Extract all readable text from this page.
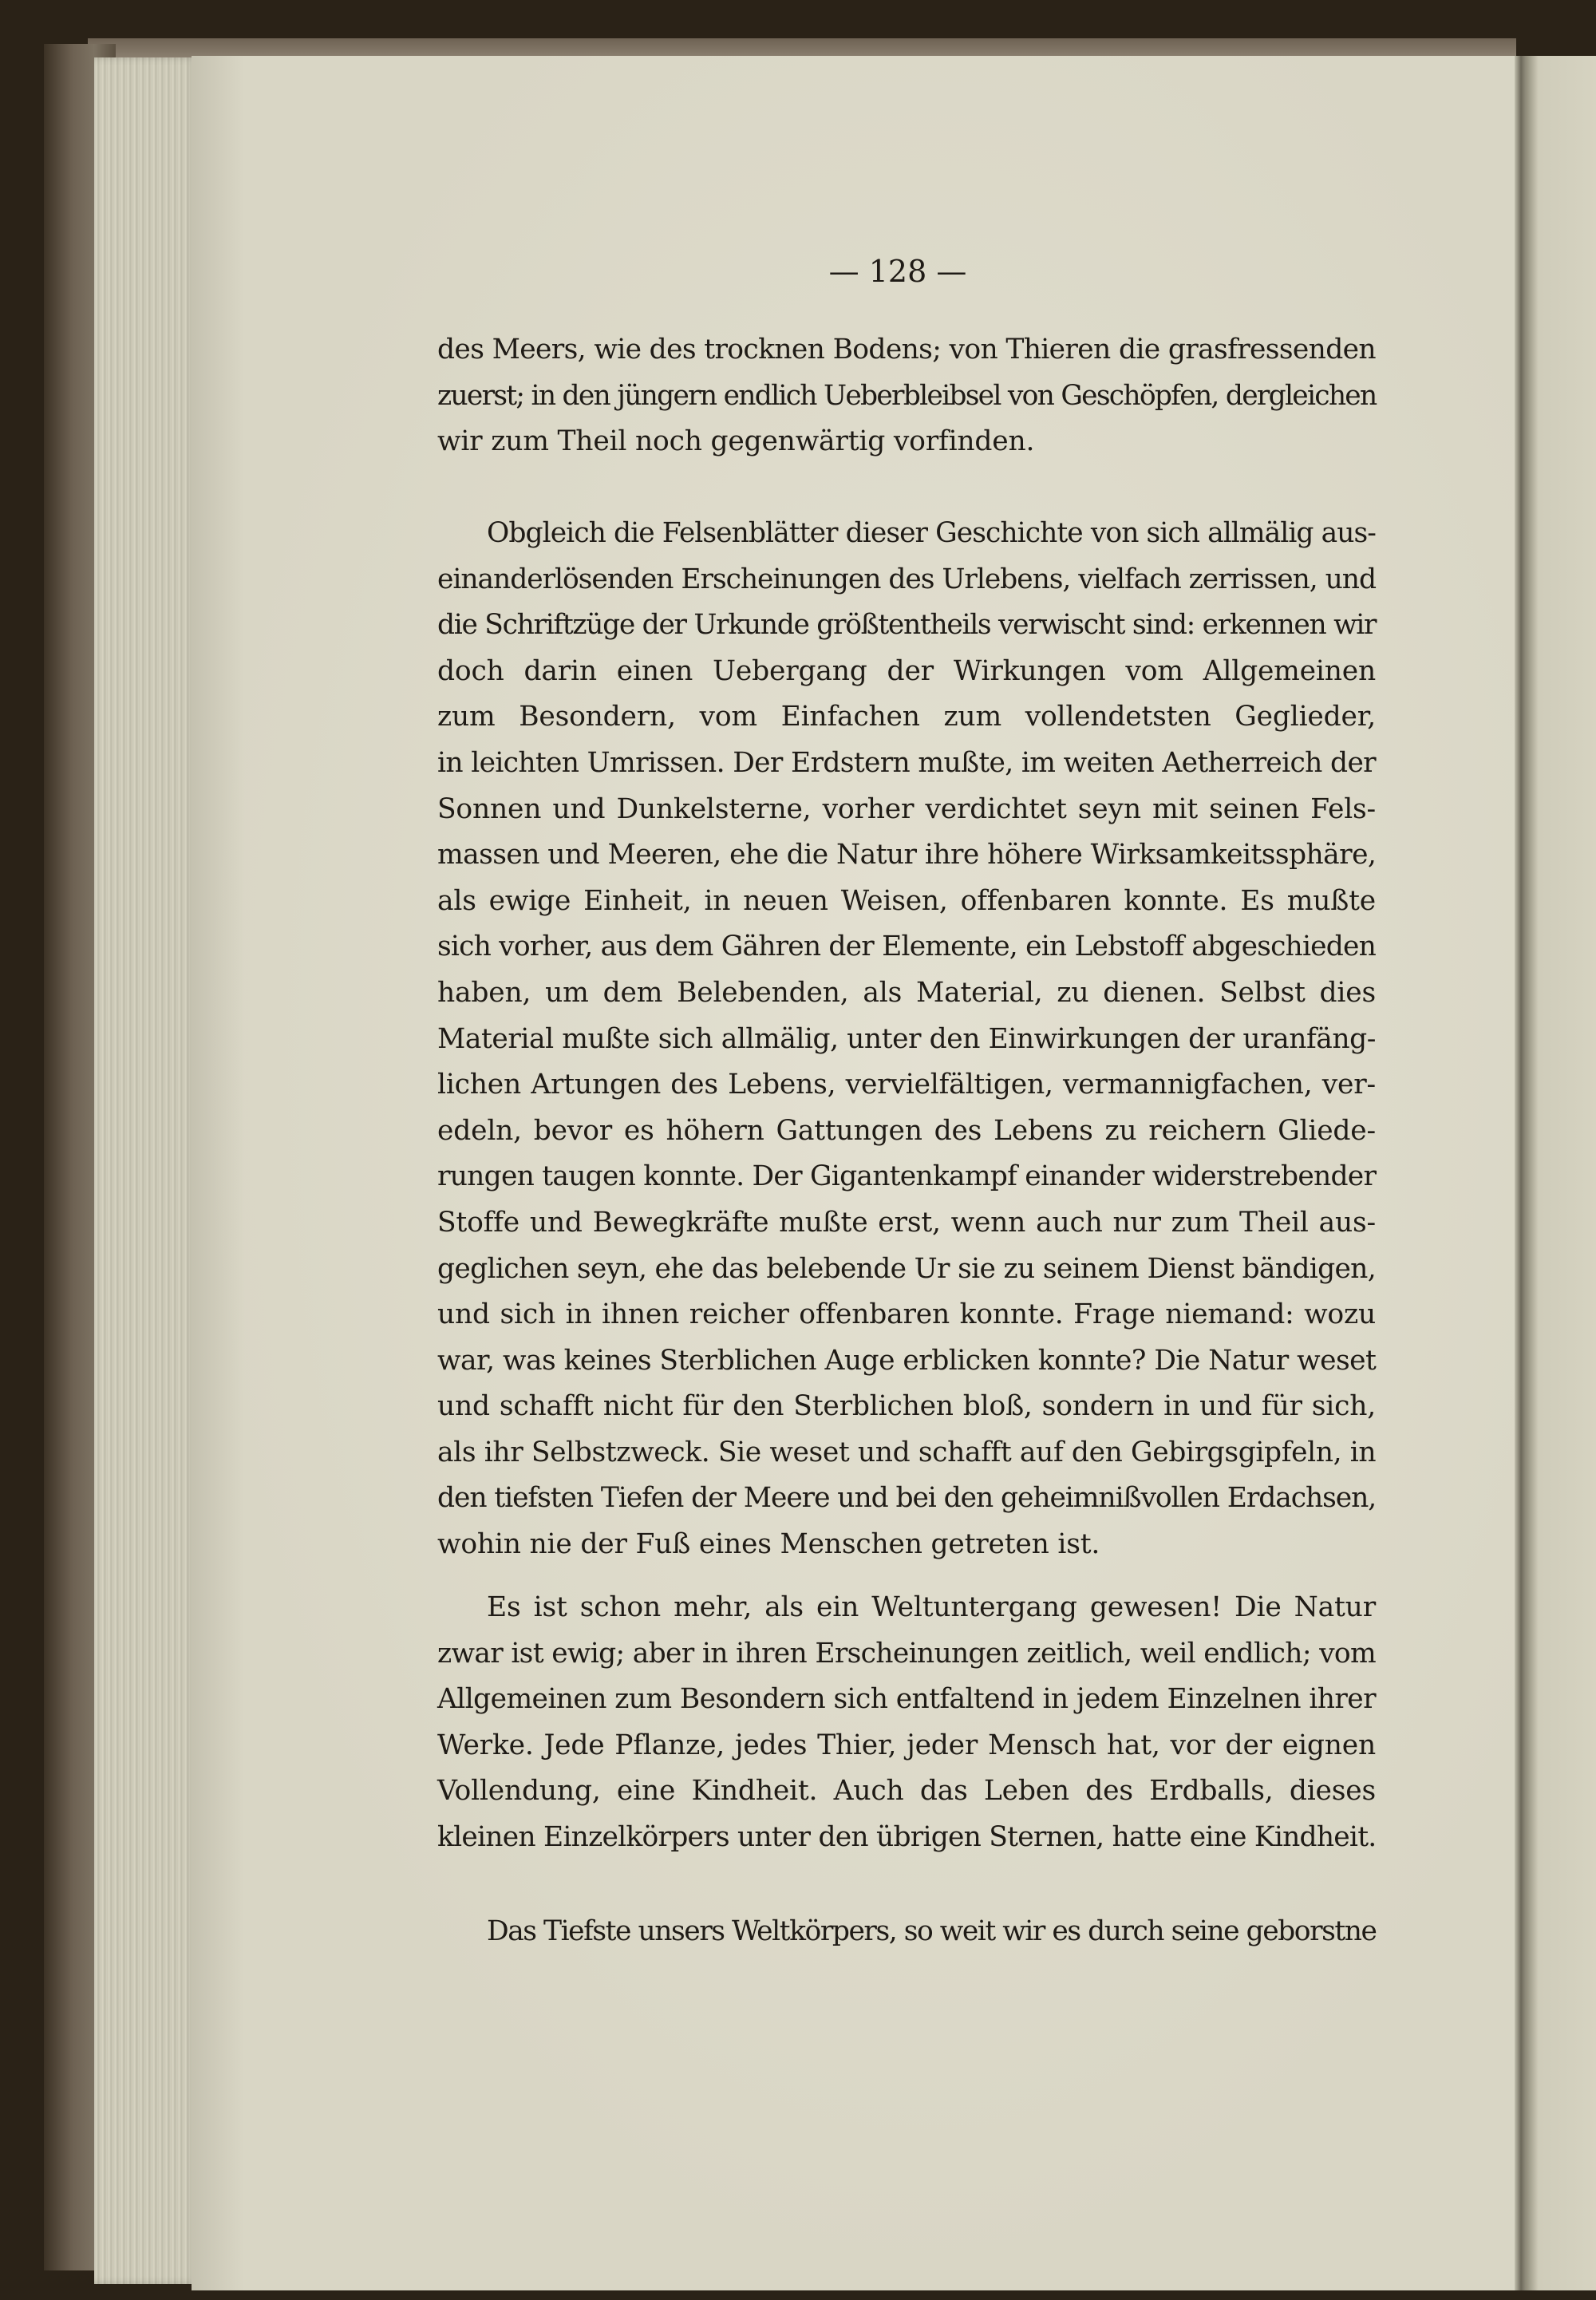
— 128 —

des Meers, wie des trocknen Bodens; von Thieren die grasfressenden
zuerst; in den jüngern endlich Ueberbleibsel von Geschöpfen, dergleichen
wir zum Theil noch gegenwärtig vorfinden.

Obgleich die Felsenblätter dieser Geschichte von sich allmälig aus-
einanderlösenden Erscheinungen des Urlebens, vielfach zerrissen, und
die Schriftzüge der Urkunde größtentheils verwischt sind: erkennen wir
doch darin einen Uebergang der Wirkungen vom Allgemeinen
zum Besondern, vom Einfachen zum vollendetsten Geglieder,
in leichten Umrissen. Der Erdstern mußte, im weiten Aetherreich der
Sonnen und Dunkelsterne, vorher verdichtet seyn mit seinen Fels-
massen und Meeren, ehe die Natur ihre höhere Wirksamkeitssphäre,
als ewige Einheit, in neuen Weisen, offenbaren konnte. Es mußte
sich vorher, aus dem Gähren der Elemente, ein Lebstoff abgeschieden
haben, um dem Belebenden, als Material, zu dienen. Selbst dies
Material mußte sich allmälig, unter den Einwirkungen der uranfäng-
lichen Artungen des Lebens, vervielfältigen, vermannigfachen, ver-
edeln, bevor es höhern Gattungen des Lebens zu reichern Gliede-
rungen taugen konnte. Der Gigantenkampf einander widerstrebender
Stoffe und Bewegkräfte mußte erst, wenn auch nur zum Theil aus-
geglichen seyn, ehe das belebende Ur sie zu seinem Dienst bändigen,
und sich in ihnen reicher offenbaren konnte. Frage niemand: wozu
war, was keines Sterblichen Auge erblicken konnte? Die Natur weset
und schafft nicht für den Sterblichen bloß, sondern in und für sich,
als ihr Selbstzweck. Sie weset und schafft auf den Gebirgsgipfeln, in
den tiefsten Tiefen der Meere und bei den geheimnißvollen Erdachsen,
wohin nie der Fuß eines Menschen getreten ist.

Es ist schon mehr, als ein Weltuntergang gewesen! Die Natur
zwar ist ewig; aber in ihren Erscheinungen zeitlich, weil endlich; vom
Allgemeinen zum Besondern sich entfaltend in jedem Einzelnen ihrer
Werke. Jede Pflanze, jedes Thier, jeder Mensch hat, vor der eignen
Vollendung, eine Kindheit. Auch das Leben des Erdballs, dieses
kleinen Einzelkörpers unter den übrigen Sternen, hatte eine Kindheit.

Das Tiefste unsers Weltkörpers, so weit wir es durch seine geborstne
